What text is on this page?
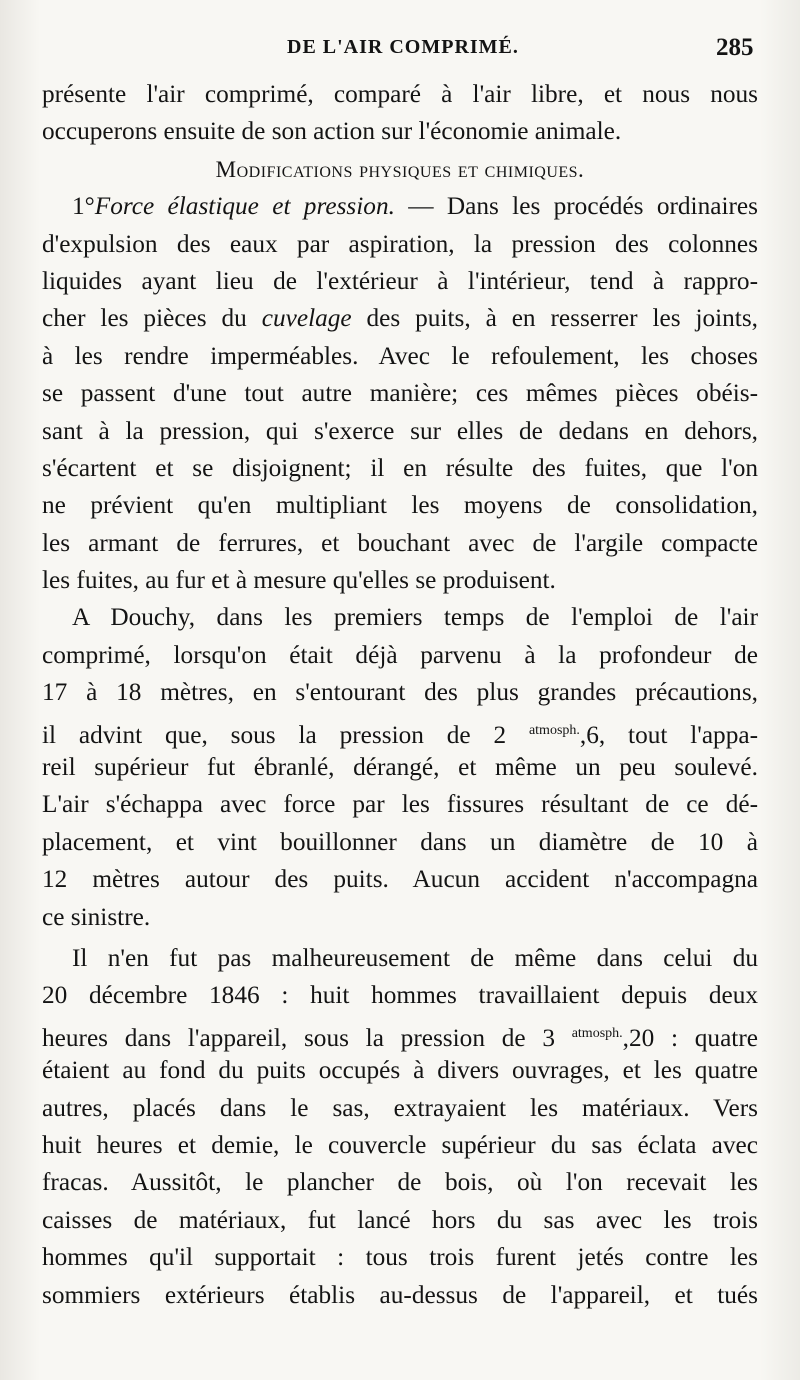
DE L'AIR COMPRIMÉ.	285
présente l'air comprimé, comparé à l'air libre, et nous nous
occuperons ensuite de son action sur l'économie animale.
Modifications physiques et chimiques.
1°Force élastique et pression. — Dans les procédés ordinaires
d'expulsion des eaux par aspiration, la pression des colonnes
liquides ayant lieu de l'extérieur à l'intérieur, tend à rappro-
cher les pièces du cuvelage des puits, à en resserrer les joints,
à les rendre imperméables. Avec le refoulement, les choses
se passent d'une tout autre manière; ces mêmes pièces obéis-
sant à la pression, qui s'exerce sur elles de dedans en dehors,
s'écartent et se disjoignent; il en résulte des fuites, que l'on
ne prévient qu'en multipliant les moyens de consolidation,
les armant de ferrures, et bouchant avec de l'argile compacte
les fuites, au fur et à mesure qu'elles se produisent.
A Douchy, dans les premiers temps de l'emploi de l'air
comprimé, lorsqu'on était déjà parvenu à la profondeur de
17 à 18 mètres, en s'entourant des plus grandes précautions,
il advint que, sous la pression de 2 $^{atmosph.}$,6, tout l'appa-
reil supérieur fut ébranlé, dérangé, et même un peu soulevé.
L'air s'échappa avec force par les fissures résultant de ce dé-
placement, et vint bouillonner dans un diamètre de 10 à
12 mètres autour des puits. Aucun accident n'accompagna
ce sinistre.
Il n'en fut pas malheureusement de même dans celui du
20 décembre 1846 : huit hommes travaillaient depuis deux
heures dans l'appareil, sous la pression de 3 $^{atmosph.}$,20 : quatre
étaient au fond du puits occupés à divers ouvrages, et les quatre
autres, placés dans le sas, extrayaient les matériaux. Vers
huit heures et demie, le couvercle supérieur du sas éclata avec
fracas. Aussitôt, le plancher de bois, où l'on recevait les
caisses de matériaux, fut lancé hors du sas avec les trois
hommes qu'il supportait : tous trois furent jetés contre les
sommiers extérieurs établis au-dessus de l'appareil, et tués
